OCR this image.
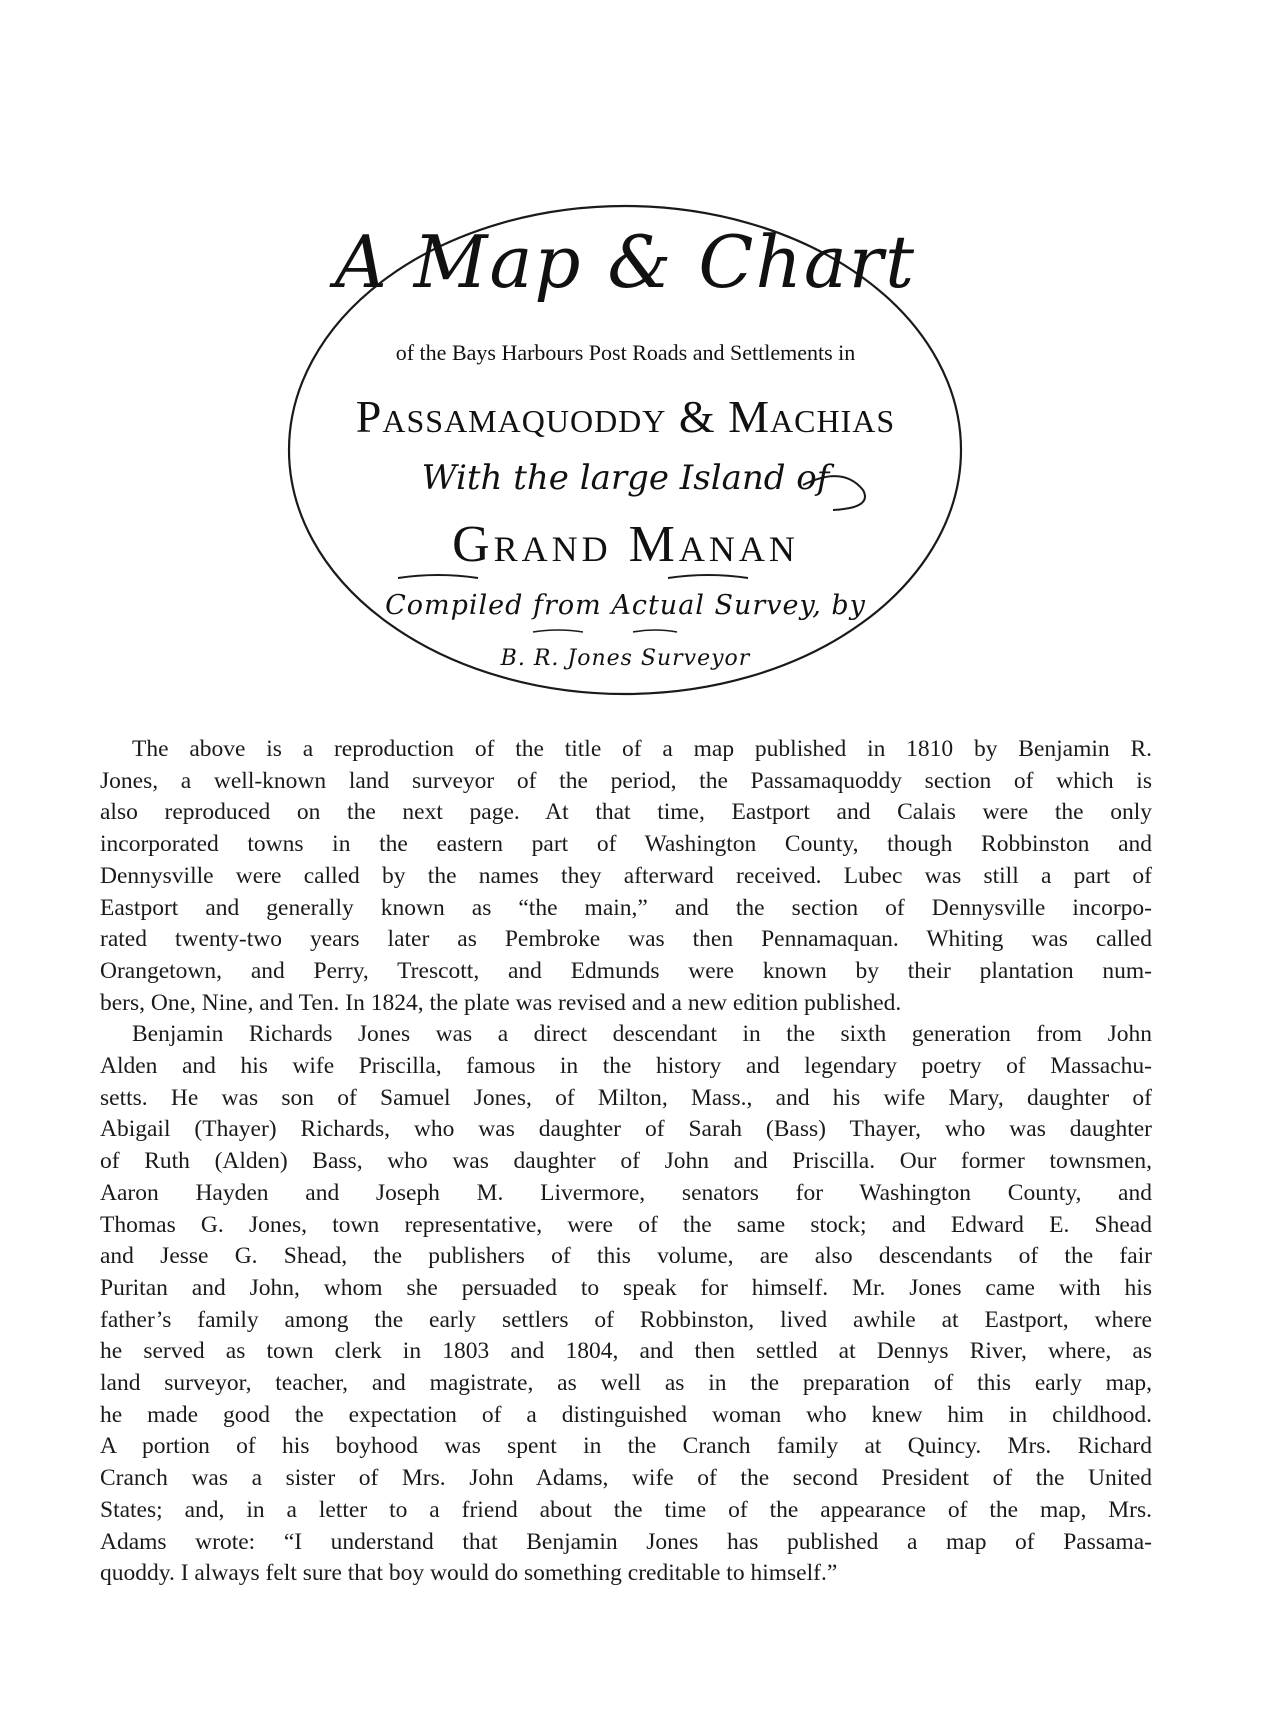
A Map & Chart
of the Bays Harbours Post Roads and Settlements in
Passamaquoddy & Machias
With the large Island of
Grand Manan
Compiled from Actual Survey, by
B. R. Jones Surveyor
The above is a reproduction of the title of a map published in 1810 by Benjamin R.
Jones, a well-known land surveyor of the period, the Passamaquoddy section of which is
also reproduced on the next page. At that time, Eastport and Calais were the only
incorporated towns in the eastern part of Washington County, though Robbinston and
Dennysville were called by the names they afterward received. Lubec was still a part of
Eastport and generally known as “the main,” and the section of Dennysville incorpo-
rated twenty-two years later as Pembroke was then Pennamaquan. Whiting was called
Orangetown, and Perry, Trescott, and Edmunds were known by their plantation num-
bers, One, Nine, and Ten. In 1824, the plate was revised and a new edition published.
Benjamin Richards Jones was a direct descendant in the sixth generation from John
Alden and his wife Priscilla, famous in the history and legendary poetry of Massachu-
setts. He was son of Samuel Jones, of Milton, Mass., and his wife Mary, daughter of
Abigail (Thayer) Richards, who was daughter of Sarah (Bass) Thayer, who was daughter
of Ruth (Alden) Bass, who was daughter of John and Priscilla. Our former townsmen,
Aaron Hayden and Joseph M. Livermore, senators for Washington County, and
Thomas G. Jones, town representative, were of the same stock; and Edward E. Shead
and Jesse G. Shead, the publishers of this volume, are also descendants of the fair
Puritan and John, whom she persuaded to speak for himself. Mr. Jones came with his
father’s family among the early settlers of Robbinston, lived awhile at Eastport, where
he served as town clerk in 1803 and 1804, and then settled at Dennys River, where, as
land surveyor, teacher, and magistrate, as well as in the preparation of this early map,
he made good the expectation of a distinguished woman who knew him in childhood.
A portion of his boyhood was spent in the Cranch family at Quincy. Mrs. Richard
Cranch was a sister of Mrs. John Adams, wife of the second President of the United
States; and, in a letter to a friend about the time of the appearance of the map, Mrs.
Adams wrote: “I understand that Benjamin Jones has published a map of Passama-
quoddy. I always felt sure that boy would do something creditable to himself.”
